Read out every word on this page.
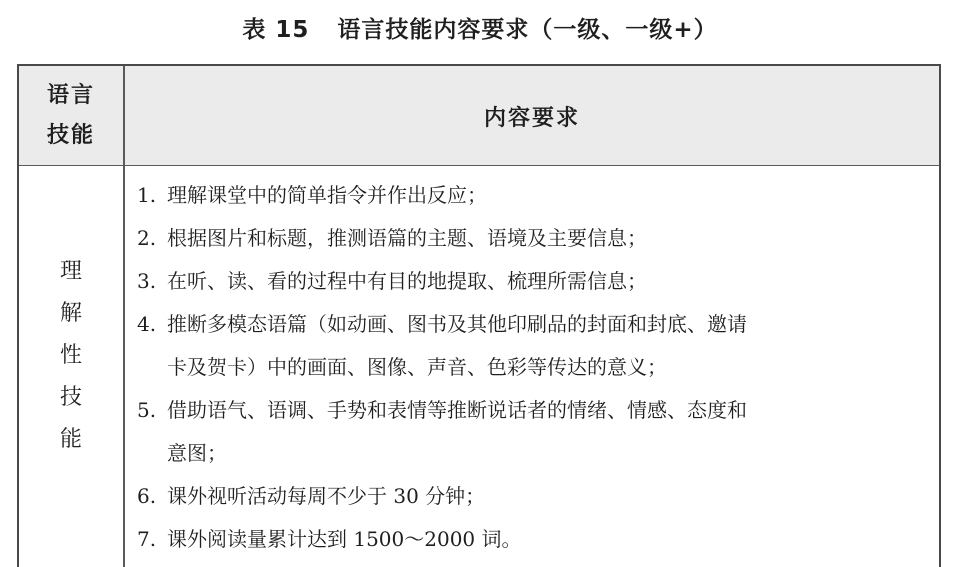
表 15 语言技能内容要求（一级、一级+）
语言技能
内容要求
理解性技能
1. 理解课堂中的简单指令并作出反应；
2. 根据图片和标题，推测语篇的主题、语境及主要信息；
3. 在听、读、看的过程中有目的地提取、梳理所需信息；
4. 推断多模态语篇（如动画、图书及其他印刷品的封面和封底、邀请
卡及贺卡）中的画面、图像、声音、色彩等传达的意义；
5. 借助语气、语调、手势和表情等推断说话者的情绪、情感、态度和
意图；
6. 课外视听活动每周不少于 30 分钟；
7. 课外阅读量累计达到 1500～2000 词。
